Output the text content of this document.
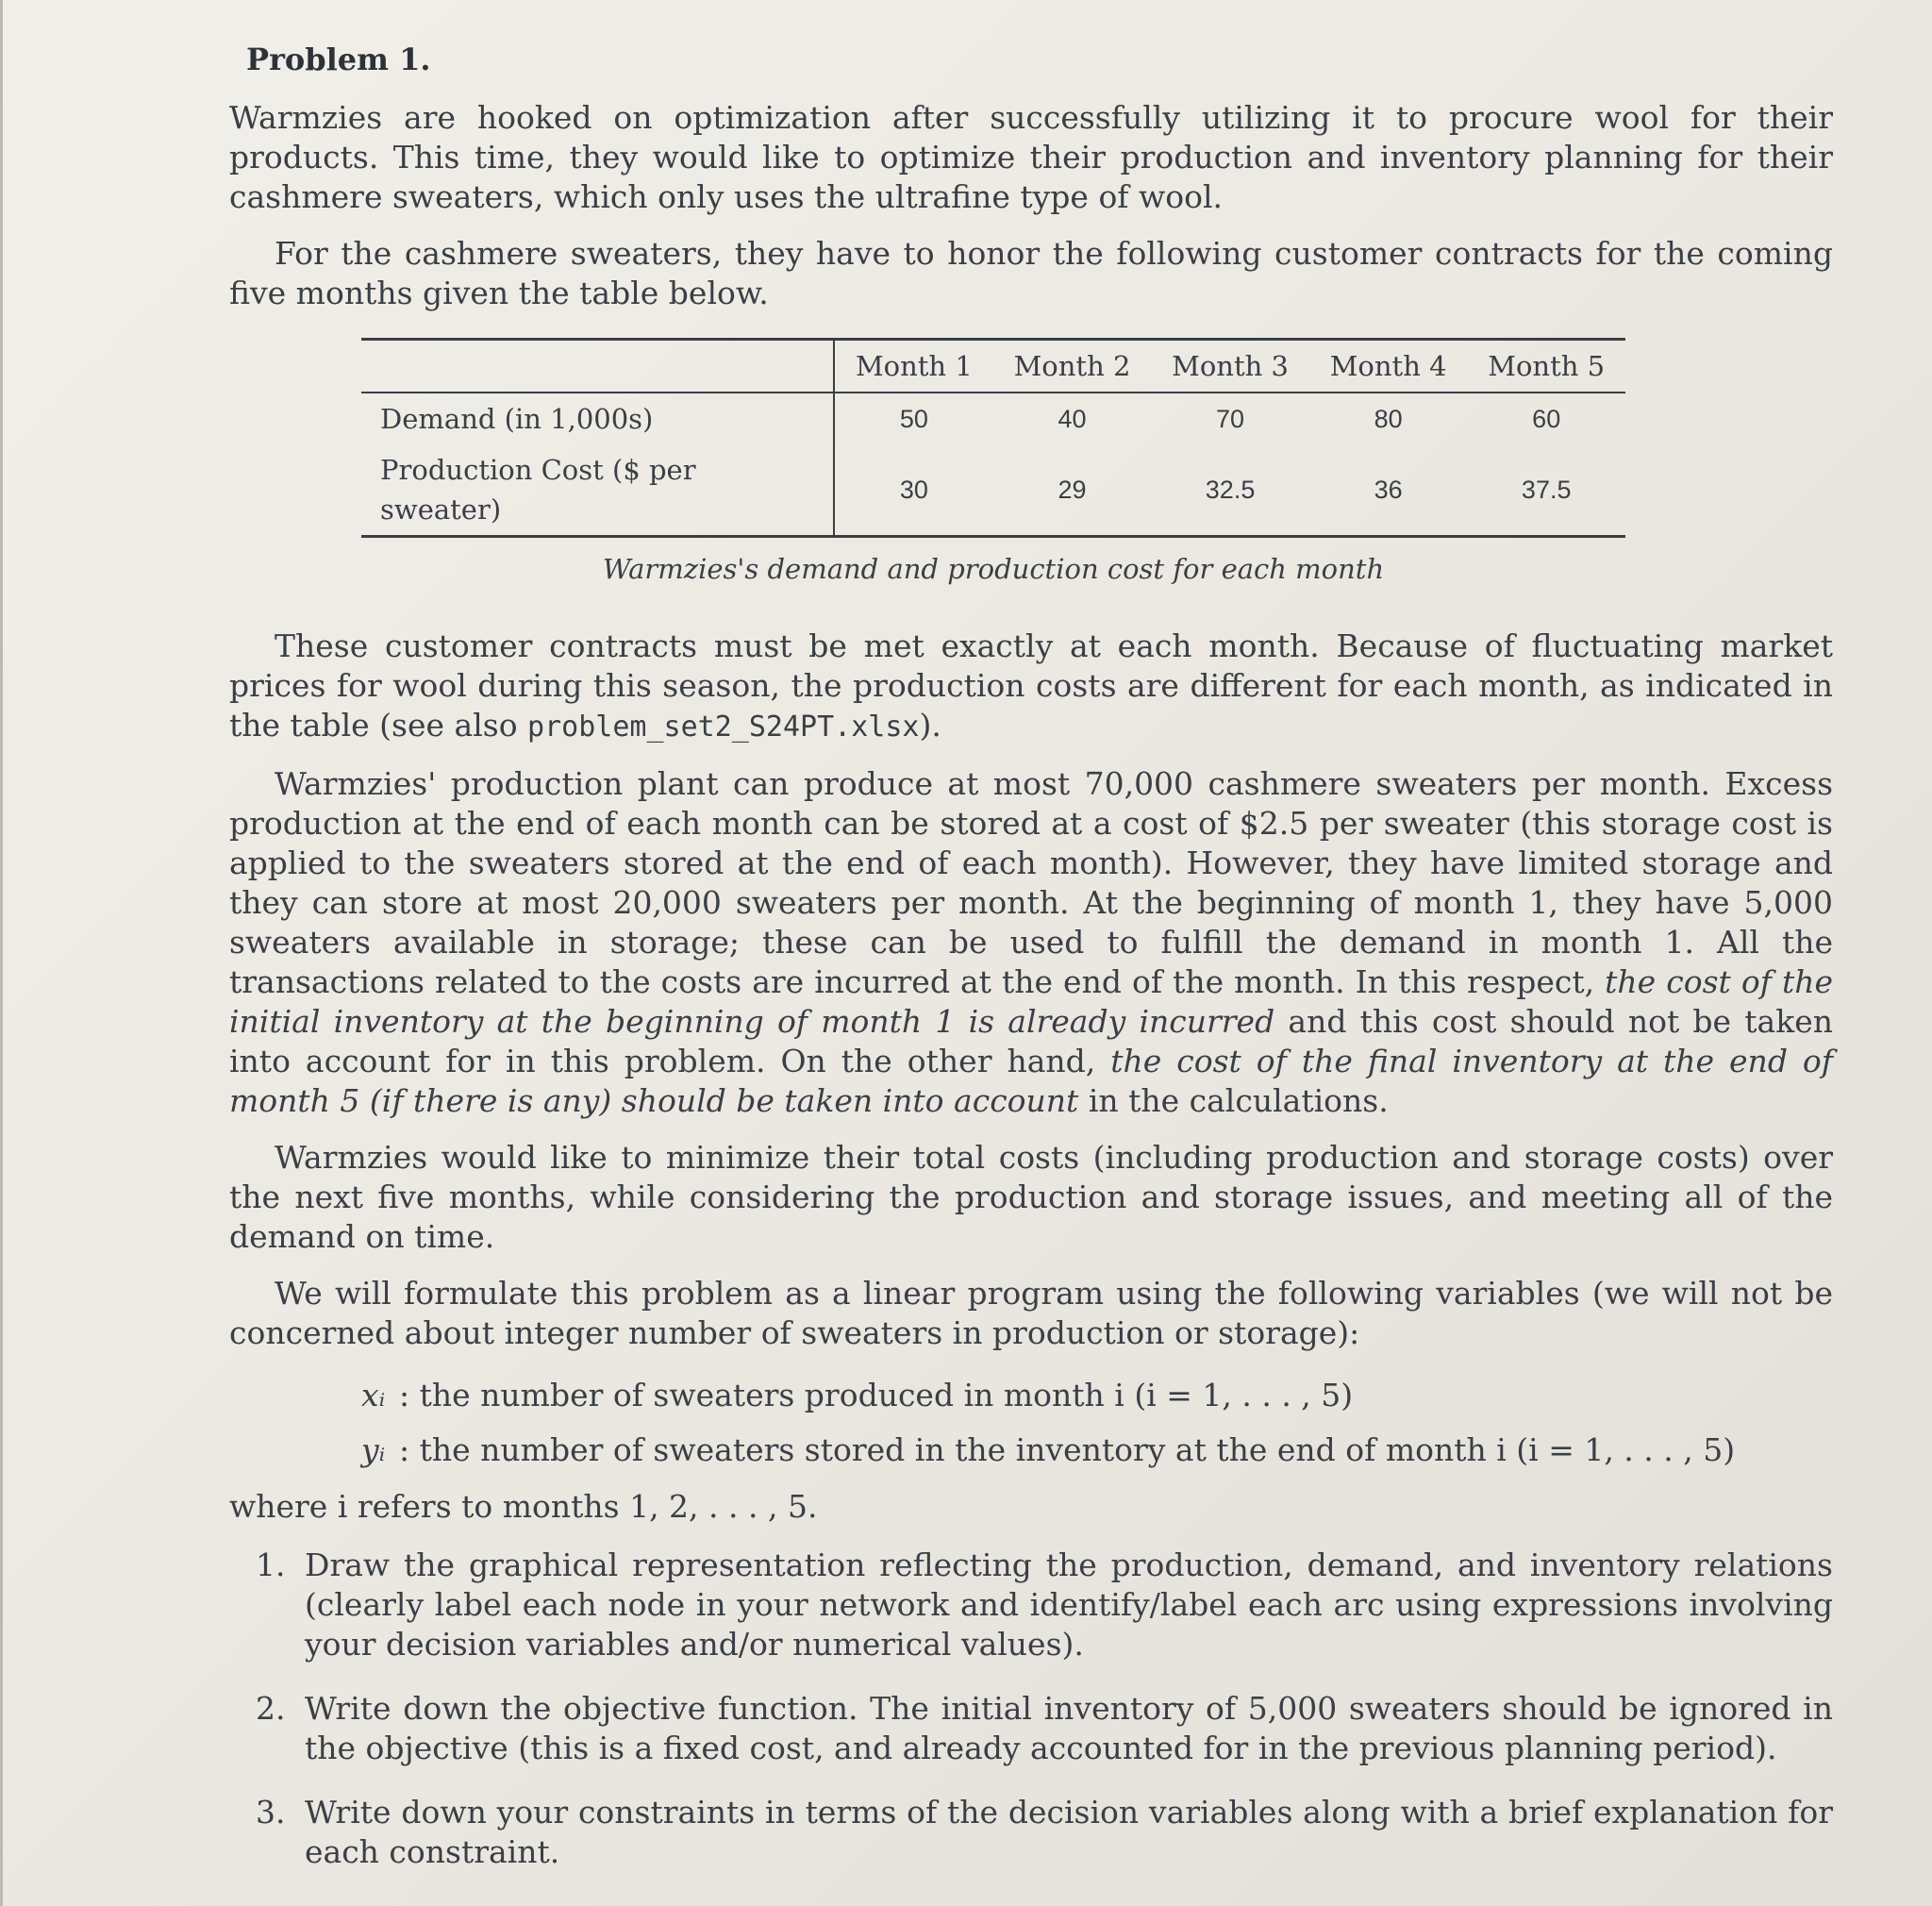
Problem 1.

Warmzies are hooked on optimization after successfully utilizing it to procure wool for their products. This time, they would like to optimize their production and inventory planning for their cashmere sweaters, which only uses the ultrafine type of wool.

For the cashmere sweaters, they have to honor the following customer contracts for the coming five months given the table below.

	Month 1	Month 2	Month 3	Month 4	Month 5

Demand (in 1,000s)	50	40	70	80	60
Production Cost ($ per sweater)	30	29	32.5	36	37.5
Warmzies's demand and production cost for each month

These customer contracts must be met exactly at each month. Because of fluctuating market prices for wool during this season, the production costs are different for each month, as indicated in the table (see also problem_set2_S24PT.xlsx).

Warmzies' production plant can produce at most 70,000 cashmere sweaters per month. Excess production at the end of each month can be stored at a cost of $2.5 per sweater (this storage cost is applied to the sweaters stored at the end of each month). However, they have limited storage and they can store at most 20,000 sweaters per month. At the beginning of month 1, they have 5,000 sweaters available in storage; these can be used to fulfill the demand in month 1. All the transactions related to the costs are incurred at the end of the month. In this respect, the cost of the initial inventory at the beginning of month 1 is already incurred and this cost should not be taken into account for in this problem. On the other hand, the cost of the final inventory at the end of month 5 (if there is any) should be taken into account in the calculations.

Warmzies would like to minimize their total costs (including production and storage costs) over the next five months, while considering the production and storage issues, and meeting all of the demand on time.

We will formulate this problem as a linear program using the following variables (we will not be concerned about integer number of sweaters in production or storage):

xᵢ : the number of sweaters produced in month i (i = 1, . . . , 5)
yᵢ : the number of sweaters stored in the inventory at the end of month i (i = 1, . . . , 5)

where i refers to months 1, 2, . . . , 5.

1. Draw the graphical representation reflecting the production, demand, and inventory relations (clearly label each node in your network and identify/label each arc using expressions involving your decision variables and/or numerical values).
2. Write down the objective function. The initial inventory of 5,000 sweaters should be ignored in the objective (this is a fixed cost, and already accounted for in the previous planning period).
3. Write down your constraints in terms of the decision variables along with a brief explanation for each constraint.
